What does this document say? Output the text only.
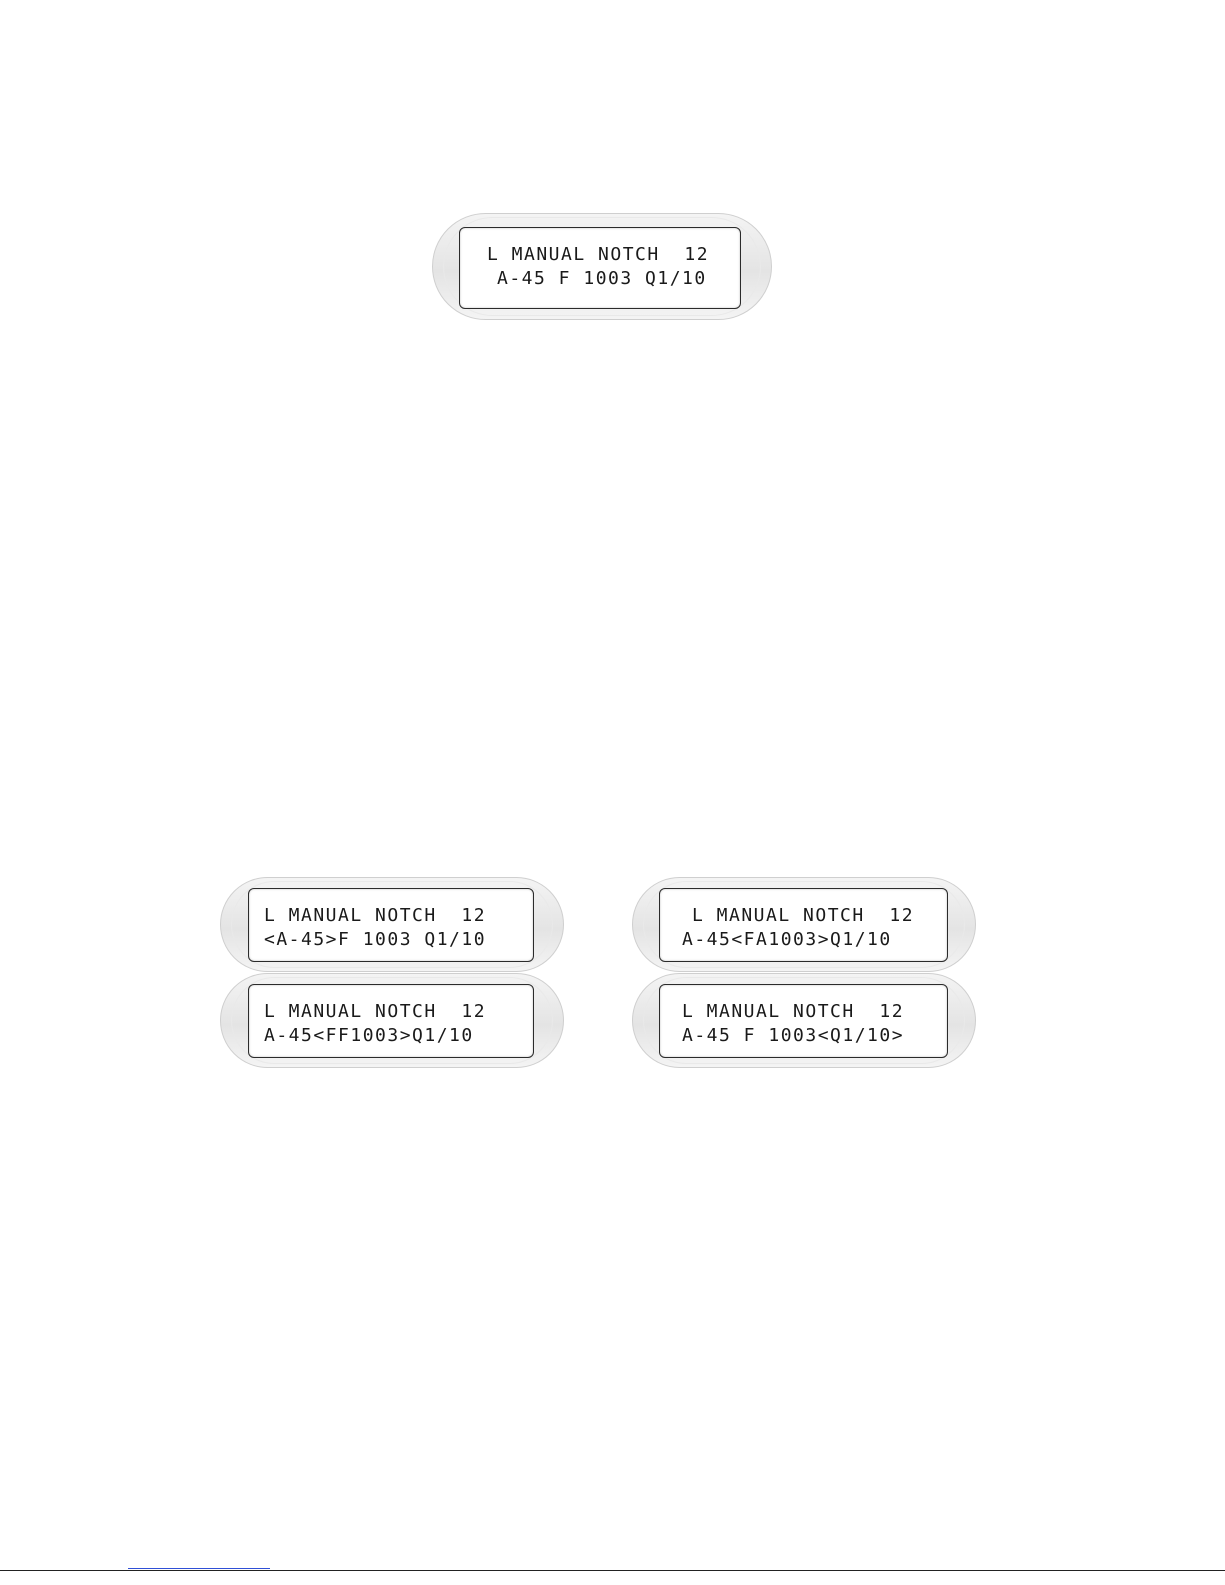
L MANUAL NOTCH  12
A-45 F 1003 Q1/10
L MANUAL NOTCH  12
<A-45>F 1003 Q1/10
L MANUAL NOTCH  12
A-45<FA1003>Q1/10
L MANUAL NOTCH  12
A-45<FF1003>Q1/10
L MANUAL NOTCH  12
A-45 F 1003<Q1/10>
